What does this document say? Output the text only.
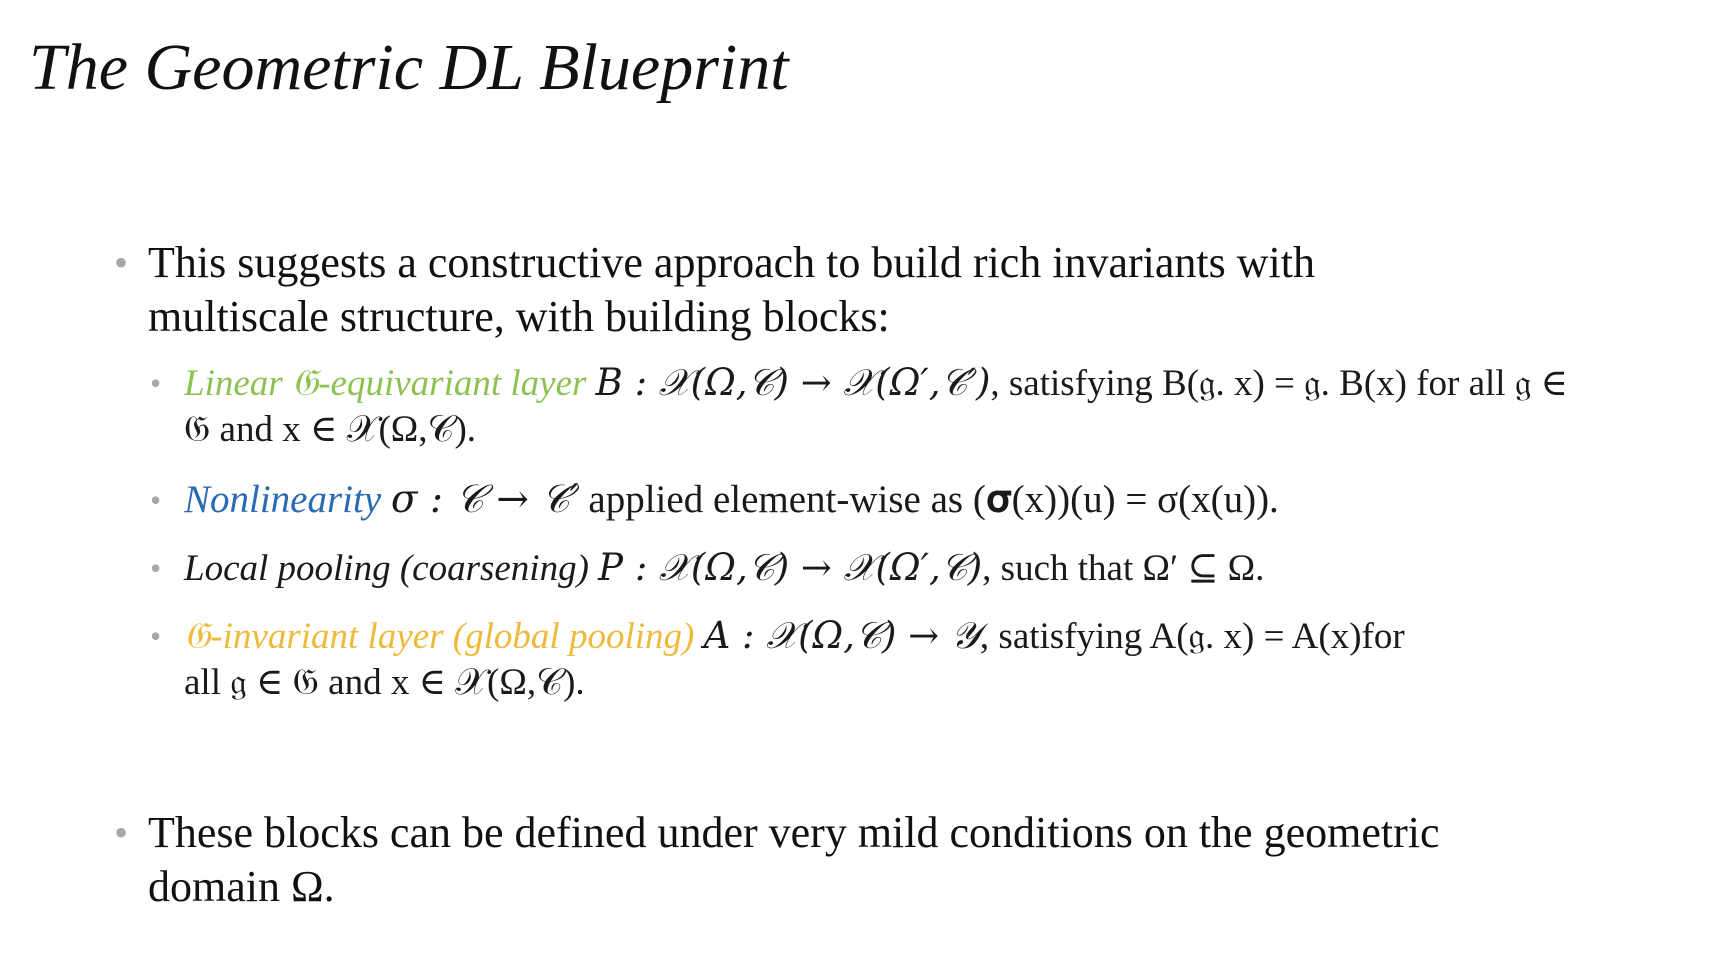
The Geometric DL Blueprint
• This suggests a constructive approach to build rich invariants with
multiscale structure, with building blocks:
• Linear 𝔊-equivariant layer B : 𝒳(Ω,𝒞) → 𝒳(Ω′,𝒞′), satisfying B(𝔤. x) = 𝔤. B(x) for all 𝔤 ∈
𝔊 and x ∈ 𝒳(Ω,𝒞).
• Nonlinearity σ : 𝒞 → 𝒞′ applied element-wise as (𝛔(x))(u) = σ(x(u)).
• Local pooling (coarsening) P : 𝒳(Ω,𝒞) → 𝒳(Ω′,𝒞), such that Ω′ ⊆ Ω.
• 𝔊-invariant layer (global pooling) A : 𝒳(Ω,𝒞) → 𝒴, satisfying A(𝔤. x) = A(x)for
all 𝔤 ∈ 𝔊 and x ∈ 𝒳(Ω,𝒞).
• These blocks can be defined under very mild conditions on the geometric
domain Ω.
